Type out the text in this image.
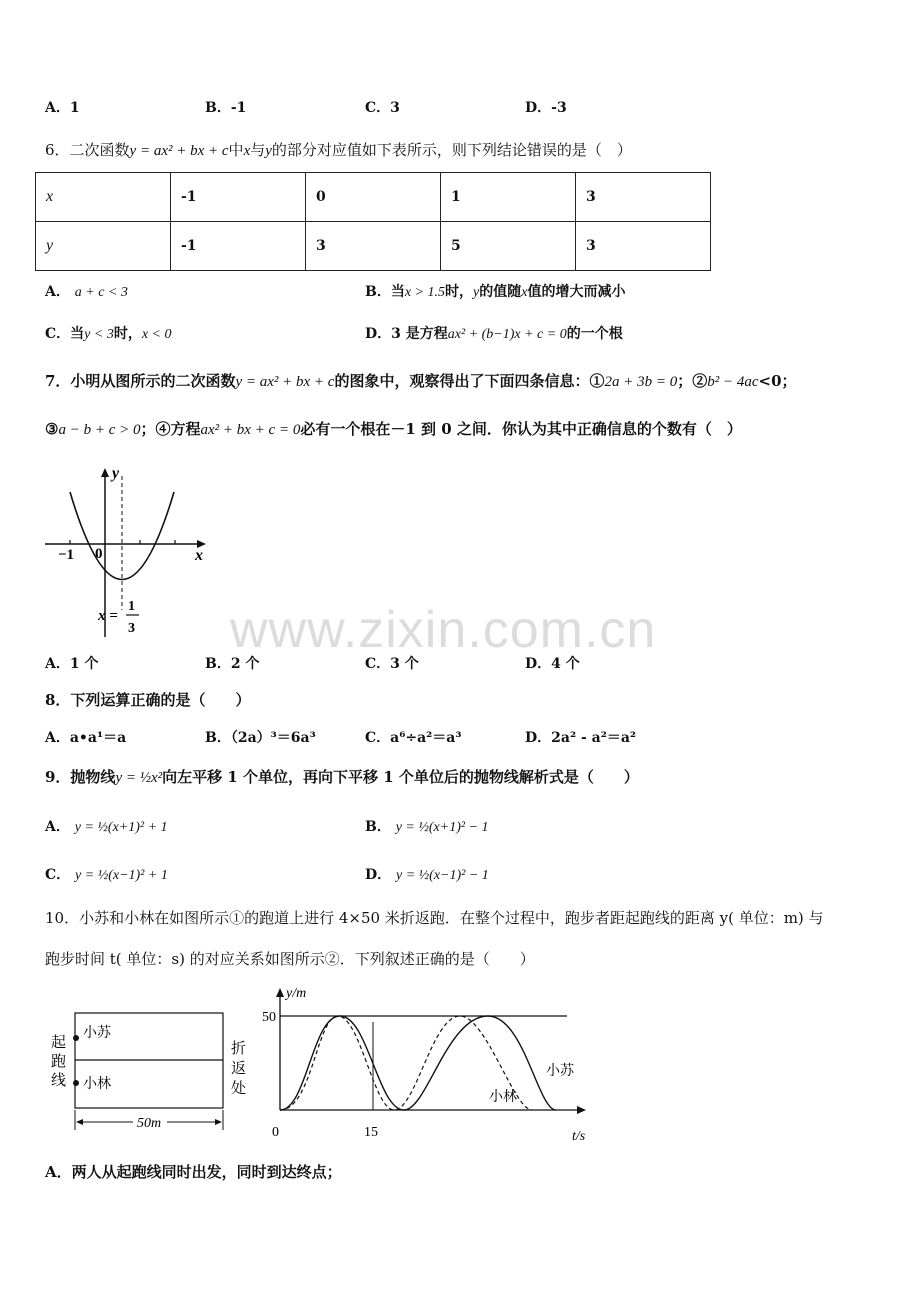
A．1	B．-1	C．3	D．-3
6．二次函数y = ax² + bx + c中x与y的部分对应值如下表所示，则下列结论错误的是（　）
x	-1	0	1	3
y	-1	3	5	3
A． a + c < 3	B．当x > 1.5时，y的值随x值的增大而减小
C．当y < 3时，x < 0	D．3 是方程ax² + (b−1)x + c = 0的一个根
7．小明从图所示的二次函数y = ax² + bx + c的图象中，观察得出了下面四条信息：①2a + 3b = 0；②b² − 4ac<0；
③a − b + c > 0；④方程ax² + bx + c = 0必有一个根在－1 到 0 之间．你认为其中正确信息的个数有（　）
y
x
−1 0
x =
1
3 www.zixin.com.cn
A．1 个	B．2 个	C．3 个	D．4 个
8．下列运算正确的是（　　）
A．a•a¹＝a	B．（2a）³＝6a³	C．a⁶÷a²＝a³	D．2a² - a²＝a²
9．抛物线y = ½x²向左平移 1 个单位，再向下平移 1 个单位后的抛物线解析式是（　　）
A． y = ½(x+1)² + 1	B． y = ½(x+1)² − 1
C． y = ½(x−1)² + 1	D． y = ½(x−1)² − 1
10．小苏和小林在如图所示①的跑道上进行 4×50 米折返跑．在整个过程中，跑步者距起跑线的距离 y( 单位：m) 与
跑步时间 t( 单位：s) 的对应关系如图所示②．下列叙述正确的是（　　）
起
跑
线
折
返
处
小苏
小林
50m
y/m
t/s
50
15
0
小苏
小林
A．两人从起跑线同时出发，同时到达终点；
